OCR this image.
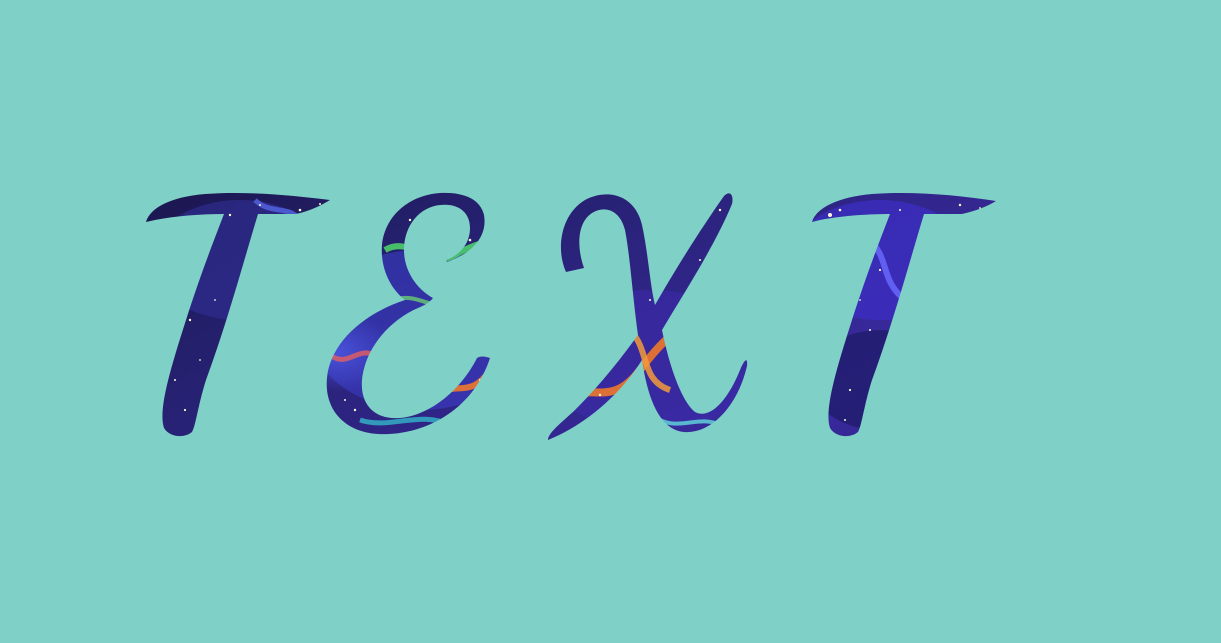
TEXT
